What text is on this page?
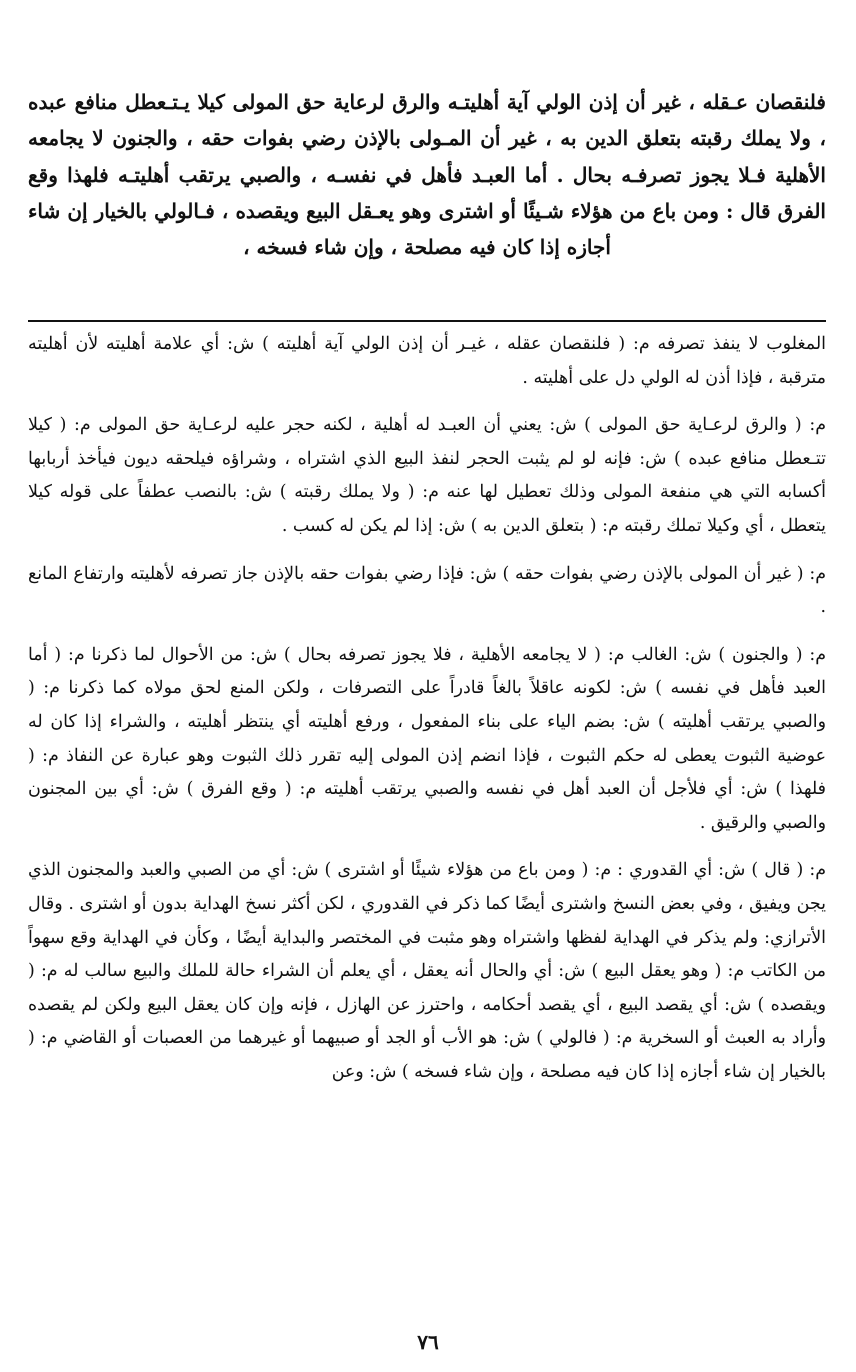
فلنقصان عـقله ، غير أن إذن الولي آية أهليتـه والرق لرعاية حق المولى كيلا يـتـعطل منافع عبده ، ولا يملك رقبته بتعلق الدين به ، غير أن المـولى بالإذن رضي بفوات حقه ، والجنون لا يجامعه الأهلية فـلا يجوز تصرفـه بحال . أما العبـد فأهل في نفسـه ، والصبي يرتقب أهليتـه فلهذا وقع الفرق قال : ومن باع من هؤلاء شـيئًا أو اشترى وهو يعـقل البيع ويقصده ، فـالولي بالخيار إن شاء أجازه إذا كان فيه مصلحة ، وإن شاء فسخه ،

المغلوب لا ينفذ تصرفه م: ( فلنقصان عقله ، غيـر أن إذن الولي آية أهليته ) ش: أي علامة أهليته لأن أهليته مترقبة ، فإذا أذن له الولي دل على أهليته .

م: ( والرق لرعـاية حق المولى ) ش: يعني أن العبـد له أهلية ، لكنه حجر عليه لرعـاية حق المولى م: ( كيلا تتـعطل منافع عبده ) ش: فإنه لو لم يثبت الحجر لنفذ البيع الذي اشتراه ، وشراؤه فيلحقه ديون فيأخذ أربابها أكسابه التي هي منفعة المولى وذلك تعطيل لها عنه م: ( ولا يملك رقبته ) ش: بالنصب عطفاً على قوله كيلا يتعطل ، أي وكيلا تملك رقبته م: ( بتعلق الدين به ) ش: إذا لم يكن له كسب .

م: ( غير أن المولى بالإذن رضي بفوات حقه ) ش: فإذا رضي بفوات حقه بالإذن جاز تصرفه لأهليته وارتفاع المانع .

م: ( والجنون ) ش: الغالب م: ( لا يجامعه الأهلية ، فلا يجوز تصرفه بحال ) ش: من الأحوال لما ذكرنا م: ( أما العبد فأهل في نفسه ) ش: لكونه عاقلاً بالغاً قادراً على التصرفات ، ولكن المنع لحق مولاه كما ذكرنا م: ( والصبي يرتقب أهليته ) ش: بضم الياء على بناء المفعول ، ورفع أهليته أي ينتظر أهليته ، والشراء إذا كان له عوضية الثبوت يعطى له حكم الثبوت ، فإذا انضم إذن المولى إليه تقرر ذلك الثبوت وهو عبارة عن النفاذ م: ( فلهذا ) ش: أي فلأجل أن العبد أهل في نفسه والصبي يرتقب أهليته م: ( وقع الفرق ) ش: أي بين المجنون والصبي والرقيق .

م: ( قال ) ش: أي القدوري : م: ( ومن باع من هؤلاء شيئًا أو اشترى ) ش: أي من الصبي والعبد والمجنون الذي يجن ويفيق ، وفي بعض النسخ واشترى أيضًا كما ذكر في القدوري ، لكن أكثر نسخ الهداية بدون أو اشترى . وقال الأترازي: ولم يذكر في الهداية لفظها واشتراه وهو مثبت في المختصر والبداية أيضًا ، وكأن في الهداية وقع سهواً من الكاتب م: ( وهو يعقل البيع ) ش: أي والحال أنه يعقل ، أي يعلم أن الشراء حالة للملك والبيع سالب له م: ( ويقصده ) ش: أي يقصد البيع ، أي يقصد أحكامه ، واحترز عن الهازل ، فإنه وإن كان يعقل البيع ولكن لم يقصده وأراد به العبث أو السخرية م: ( فالولي ) ش: هو الأب أو الجد أو صبيهما أو غيرهما من العصبات أو القاضي م: ( بالخيار إن شاء أجازه إذا كان فيه مصلحة ، وإن شاء فسخه ) ش: وعن

٧٦
